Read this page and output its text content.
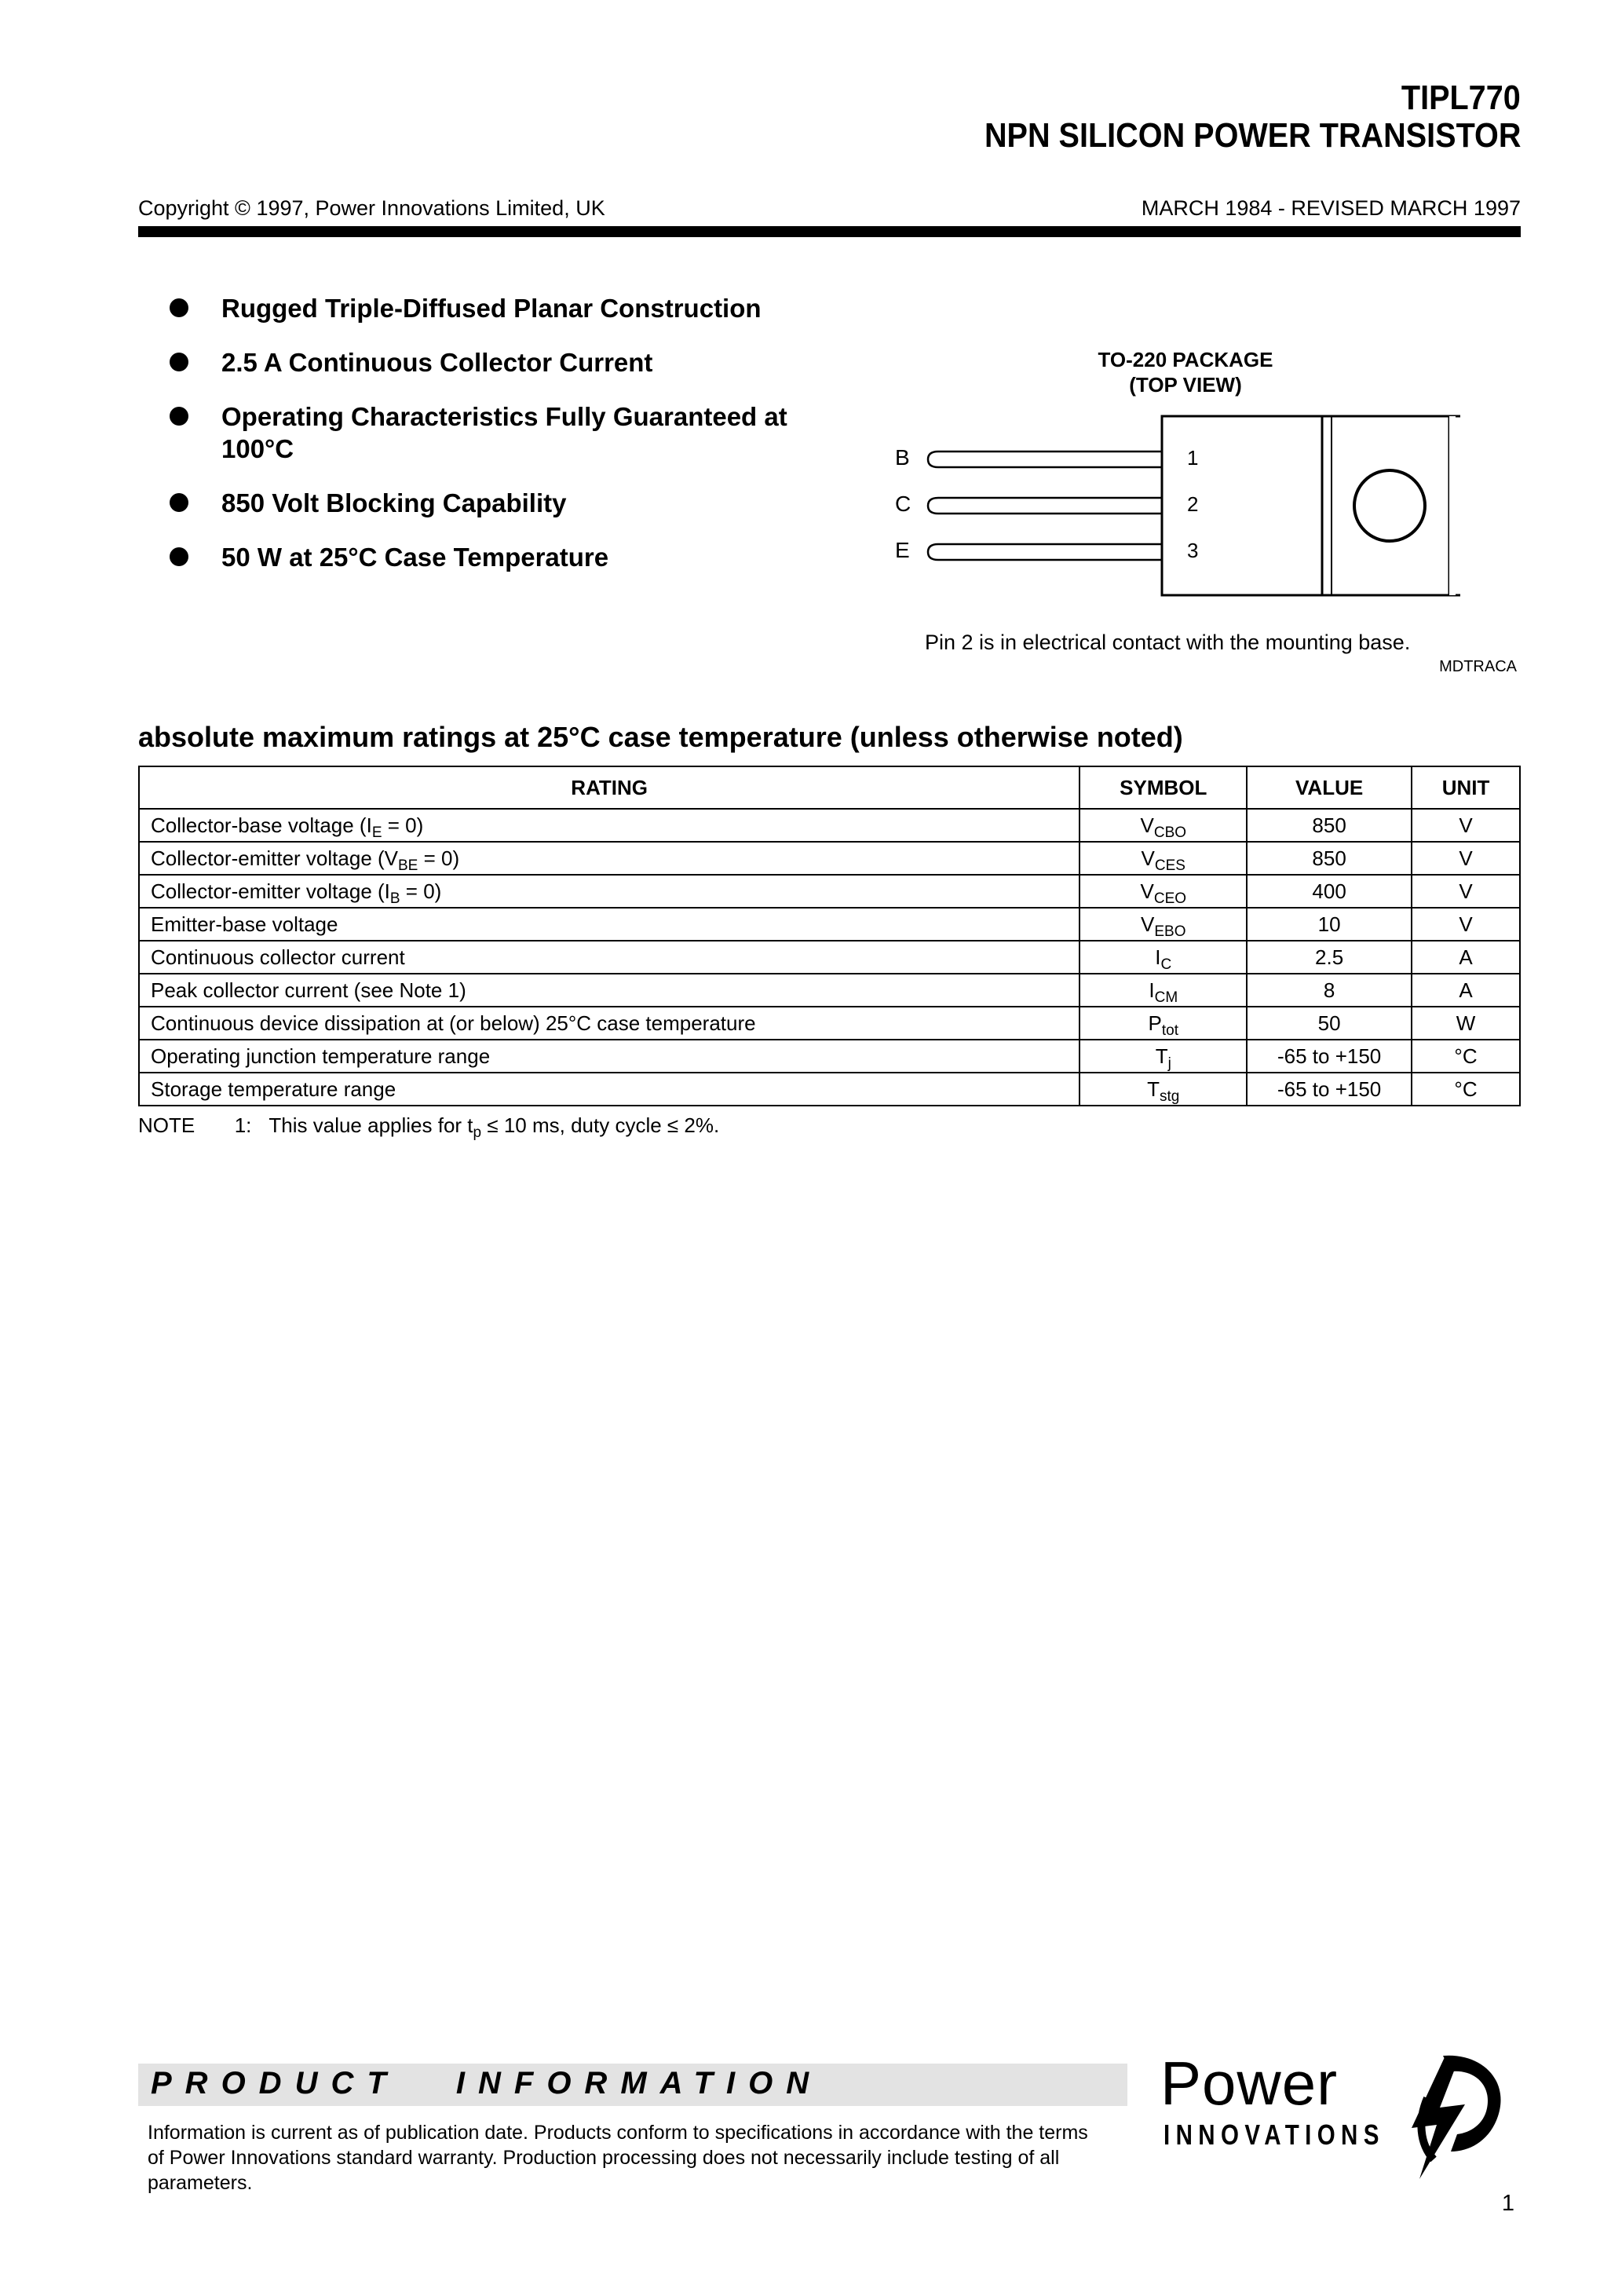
TIPL770
NPN SILICON POWER TRANSISTOR
Copyright © 1997, Power Innovations Limited, UK	MARCH 1984 - REVISED MARCH 1997
Rugged Triple-Diffused Planar Construction
2.5 A Continuous Collector Current
Operating Characteristics Fully Guaranteed at 100°C
850 Volt Blocking Capability
50 W at 25°C Case Temperature
TO-220 PACKAGE
(TOP VIEW)
B
C
E
1
2
3
Pin 2 is in electrical contact with the mounting base.
MDTRACA
absolute maximum ratings at 25°C case temperature (unless otherwise noted)
RATING	SYMBOL	VALUE	UNIT
Collector-base voltage $(I_E = 0)$	$V_{CBO}$	850	V
Collector-emitter voltage $(V_{BE} = 0)$	$V_{CES}$	850	V
Collector-emitter voltage $(I_B = 0)$	$V_{CEO}$	400	V
Emitter-base voltage	$V_{EBO}$	10	V
Continuous collector current	$I_C$	2.5	A
Peak collector current (see Note 1)	$I_{CM}$	8	A
Continuous device dissipation at (or below) 25°C case temperature	$P_{tot}$	50	W
Operating junction temperature range	$T_j$	-65 to +150	°C
Storage temperature range	$T_{stg}$	-65 to +150	°C
NOTE 1: This value applies for $t_p \le 10$ ms, duty cycle ≤ 2%.
PRODUCT INFORMATION
Information is current as of publication date. Products conform to specifications in accordance with the terms of Power Innovations standard warranty. Production processing does not necessarily include testing of all parameters.
Power
INNOVATIONS
1
